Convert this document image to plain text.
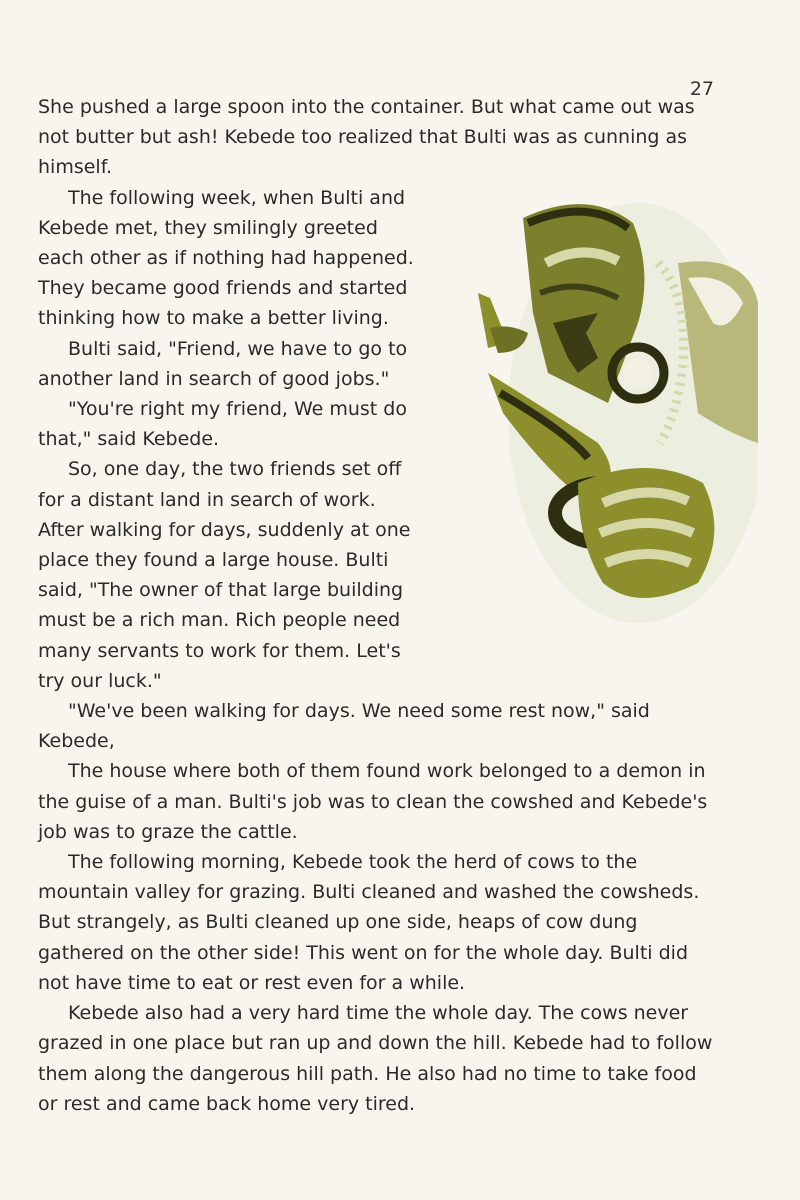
27

She pushed a large spoon into the container. But what came out was not butter but ash! Kebede too realized that Bulti was as cunning as himself.

The following week, when Bulti and Kebede met, they smilingly greeted each other as if nothing had happened. They became good friends and started thinking how to make a better living.

Bulti said, "Friend, we have to go to another land in search of good jobs."

"You're right my friend, We must do that," said Kebede.

So, one day, the two friends set off for a distant land in search of work. After walking for days, suddenly at one place they found a large house. Bulti said, "The owner of that large building must be a rich man. Rich people need many servants to work for them. Let's try our luck."

"We've been walking for days. We need some rest now," said Kebede,

The house where both of them found work belonged to a demon in the guise of a man. Bulti's job was to clean the cowshed and Kebede's job was to graze the cattle.

The following morning, Kebede took the herd of cows to the mountain valley for grazing. Bulti cleaned and washed the cowsheds. But strangely, as Bulti cleaned up one side, heaps of cow dung gathered on the other side! This went on for the whole day. Bulti did not have time to eat or rest even for a while.

Kebede also had a very hard time the whole day. The cows never grazed in one place but ran up and down the hill. Kebede had to follow them along the dangerous hill path. He also had no time to take food or rest and came back home very tired.
